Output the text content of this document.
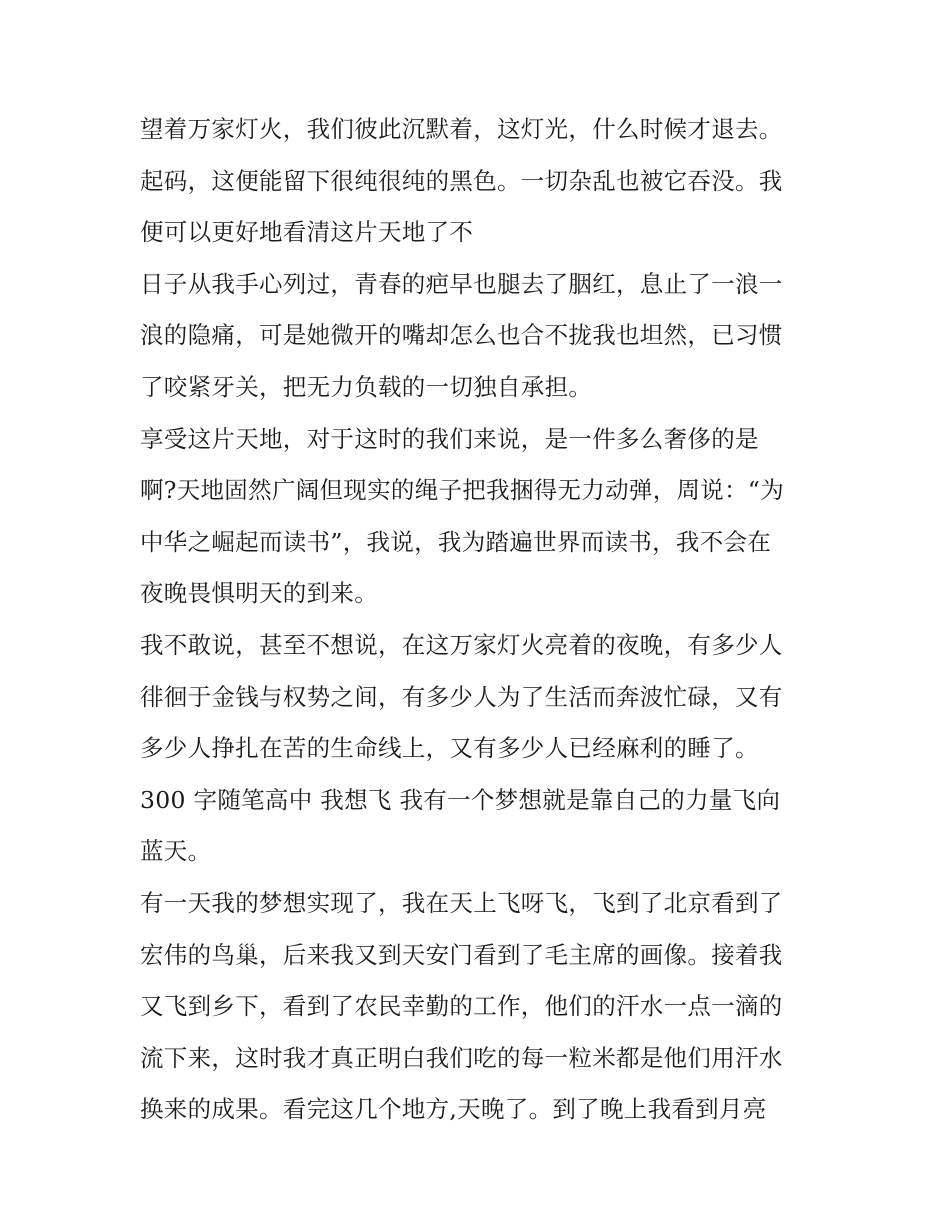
望着万家灯火，我们彼此沉默着，这灯光，什么时候才退去。
起码，这便能留下很纯很纯的黑色。一切杂乱也被它吞没。我
便可以更好地看清这片天地了不
日子从我手心列过，青春的疤早也腿去了胭红，息止了一浪一
浪的隐痛，可是她微开的嘴却怎么也合不拢我也坦然，已习惯
了咬紧牙关，把无力负载的一切独自承担。
享受这片天地，对于这时的我们来说，是一件多么奢侈的是
啊?天地固然广阔但现实的绳子把我捆得无力动弹，周说：“为
中华之崛起而读书”，我说，我为踏遍世界而读书，我不会在
夜晚畏惧明天的到来。
我不敢说，甚至不想说，在这万家灯火亮着的夜晚，有多少人
徘徊于金钱与权势之间，有多少人为了生活而奔波忙碌，又有
多少人挣扎在苦的生命线上，又有多少人已经麻利的睡了。
300 字随笔高中 我想飞 我有一个梦想就是靠自己的力量飞向
蓝天。
有一天我的梦想实现了，我在天上飞呀飞，飞到了北京看到了
宏伟的鸟巢，后来我又到天安门看到了毛主席的画像。接着我
又飞到乡下，看到了农民幸勤的工作，他们的汗水一点一滴的
流下来，这时我才真正明白我们吃的每一粒米都是他们用汗水
换来的成果。看完这几个地方,天晚了。到了晚上我看到月亮
